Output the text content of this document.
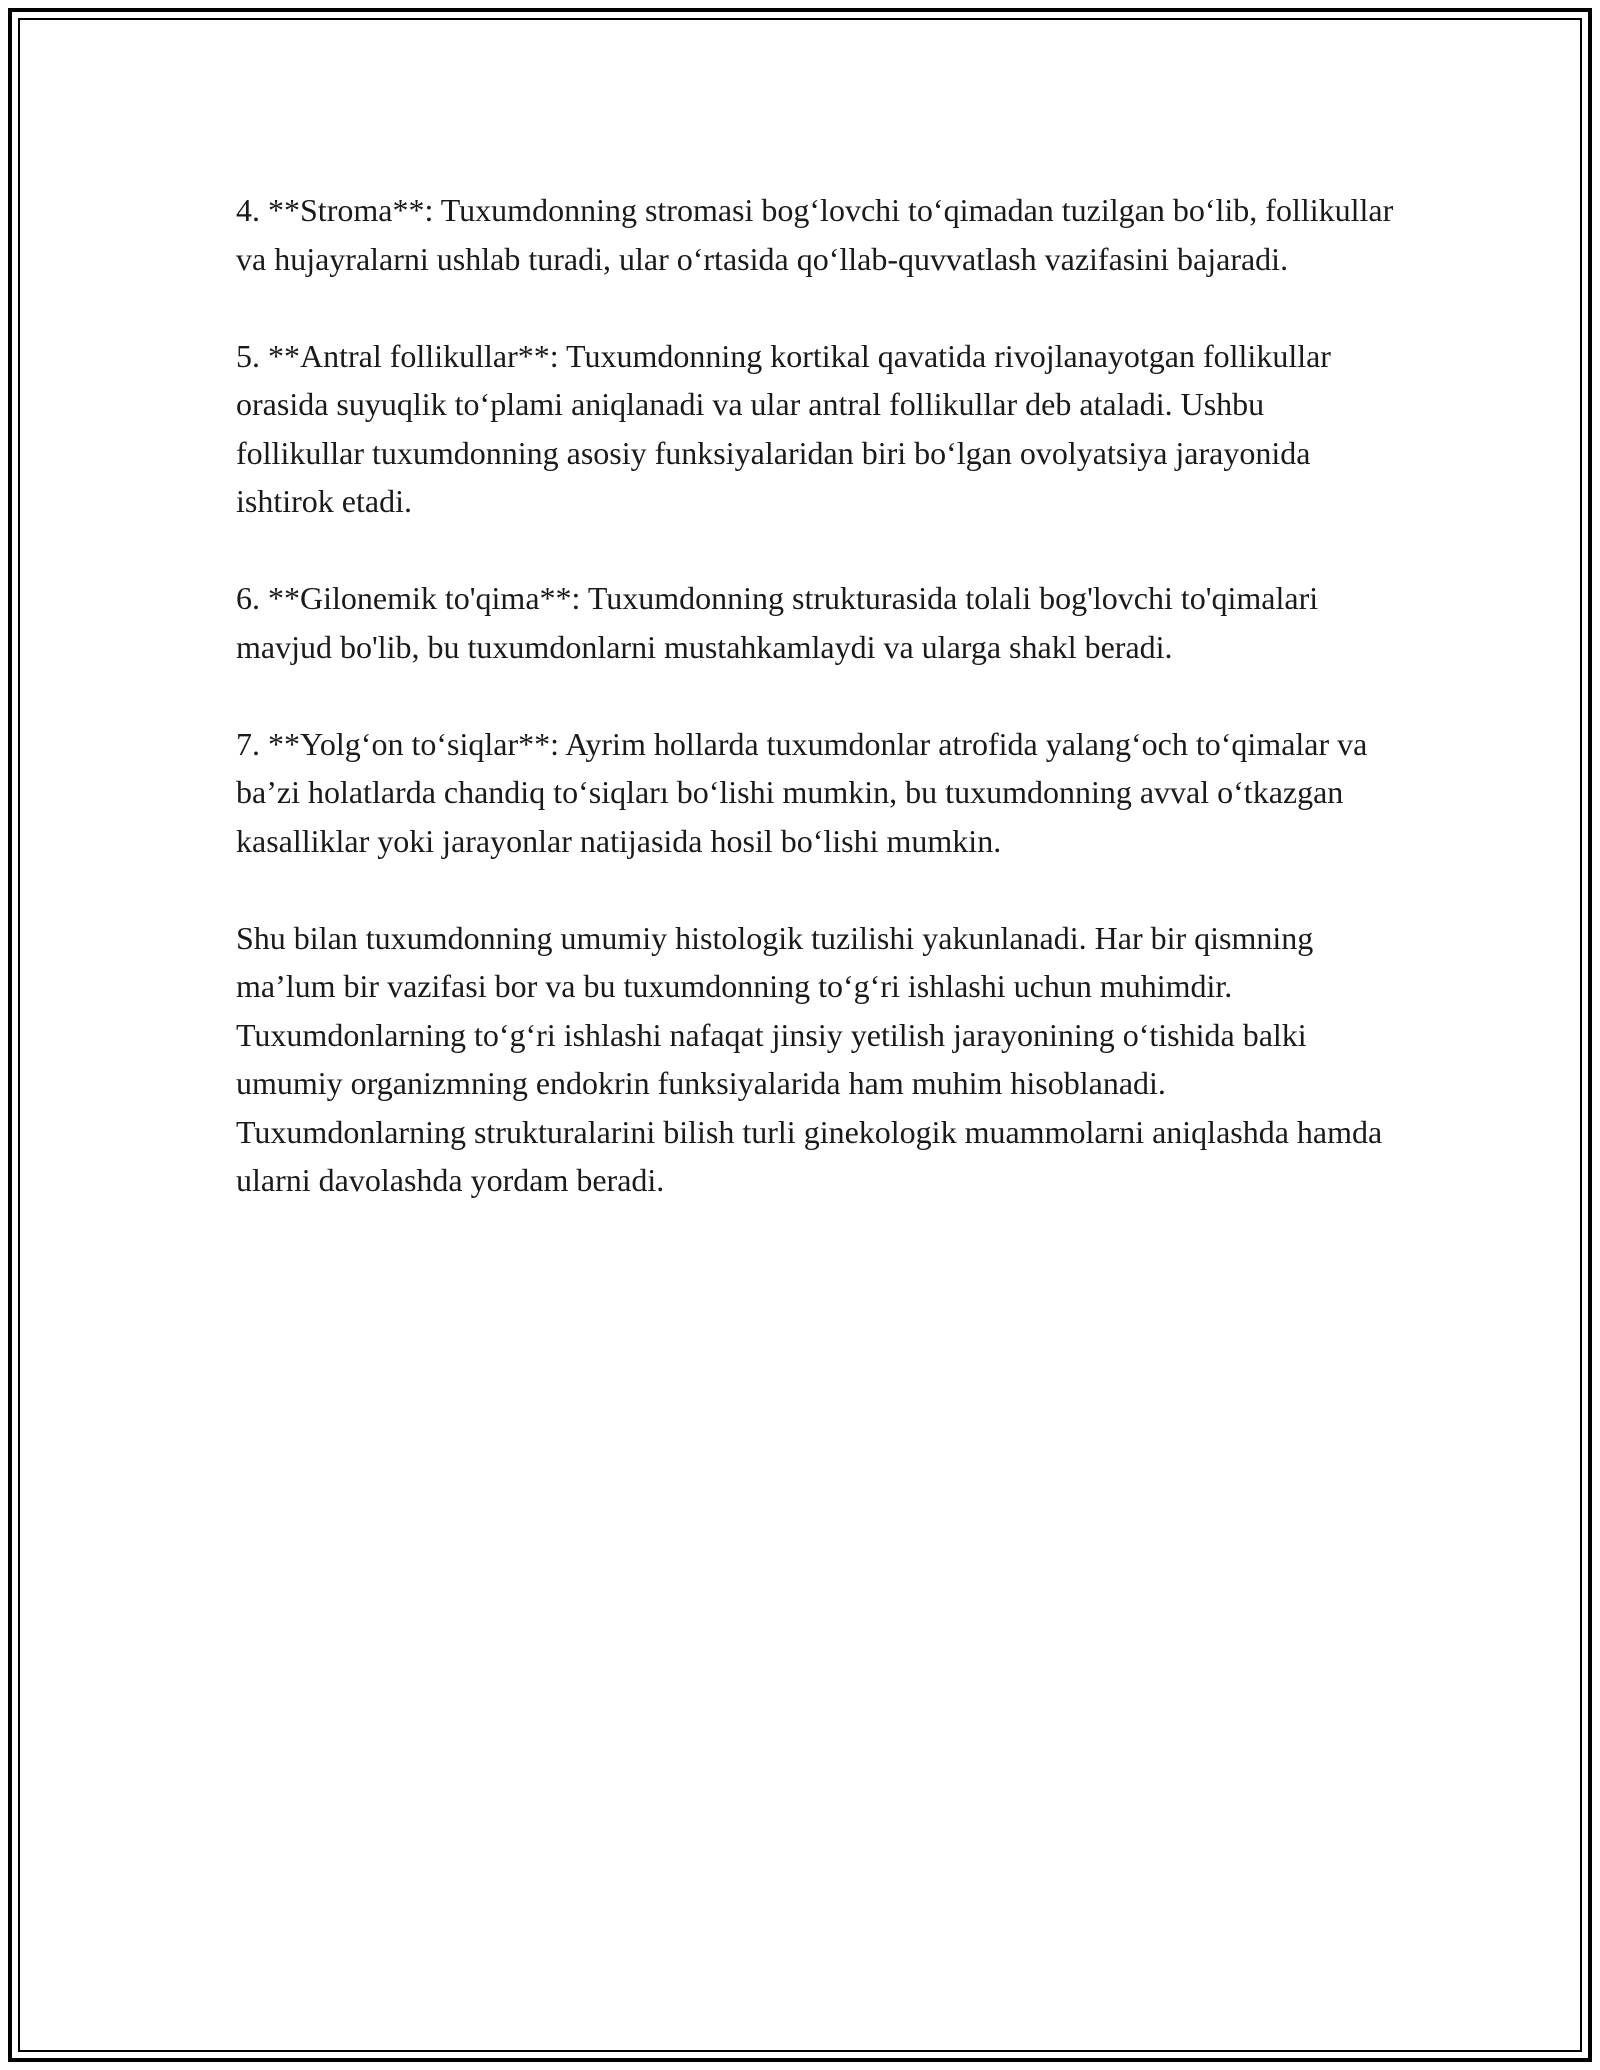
4. **Stroma**: Tuxumdonning stromasi bog‘lovchi to‘qimadan tuzilgan bo‘lib, follikullar va hujayralarni ushlab turadi, ular o‘rtasida qo‘llab-quvvatlash vazifasini bajaradi.

5. **Antral follikullar**: Tuxumdonning kortikal qavatida rivojlanayotgan follikullar orasida suyuqlik to‘plami aniqlanadi va ular antral follikullar deb ataladi. Ushbu follikullar tuxumdonning asosiy funksiyalaridan biri bo‘lgan ovolyatsiya jarayonida ishtirok etadi.

6. **Gilonemik to'qima**: Tuxumdonning strukturasida tolali bog'lovchi to'qimalari mavjud bo'lib, bu tuxumdonlarni mustahkamlaydi va ularga shakl beradi.

7. **Yolg‘on to‘siqlar**: Ayrim hollarda tuxumdonlar atrofida yalang‘och to‘qimalar va ba’zi holatlarda chandiq to‘siqları bo‘lishi mumkin, bu tuxumdonning avval o‘tkazgan kasalliklar yoki jarayonlar natijasida hosil bo‘lishi mumkin.

Shu bilan tuxumdonning umumiy histologik tuzilishi yakunlanadi. Har bir qismning ma’lum bir vazifasi bor va bu tuxumdonning to‘g‘ri ishlashi uchun muhimdir. Tuxumdonlarning to‘g‘ri ishlashi nafaqat jinsiy yetilish jarayonining o‘tishida balki umumiy organizmning endokrin funksiyalarida ham muhim hisoblanadi. Tuxumdonlarning strukturalarini bilish turli ginekologik muammolarni aniqlashda hamda ularni davolashda yordam beradi.
